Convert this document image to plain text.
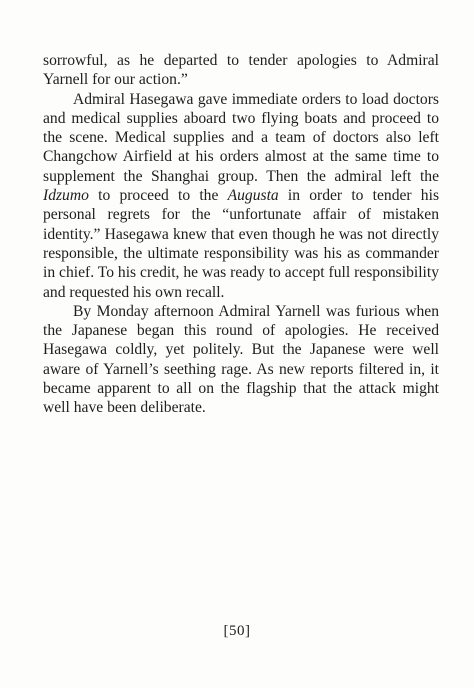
sorrowful, as he departed to tender apologies to Admiral Yarnell for our action.”

Admiral Hasegawa gave immediate orders to load doctors and medical supplies aboard two flying boats and proceed to the scene. Medical supplies and a team of doctors also left Changchow Airfield at his orders almost at the same time to supplement the Shanghai group. Then the admiral left the Idzumo to proceed to the Augusta in order to tender his personal regrets for the “unfortunate affair of mistaken identity.” Hasegawa knew that even though he was not directly responsible, the ultimate responsibility was his as commander in chief. To his credit, he was ready to accept full responsibility and requested his own recall.

By Monday afternoon Admiral Yarnell was furious when the Japanese began this round of apologies. He received Hasegawa coldly, yet politely. But the Japanese were well aware of Yarnell’s seething rage. As new reports filtered in, it became apparent to all on the flagship that the attack might well have been deliberate.

[50]
